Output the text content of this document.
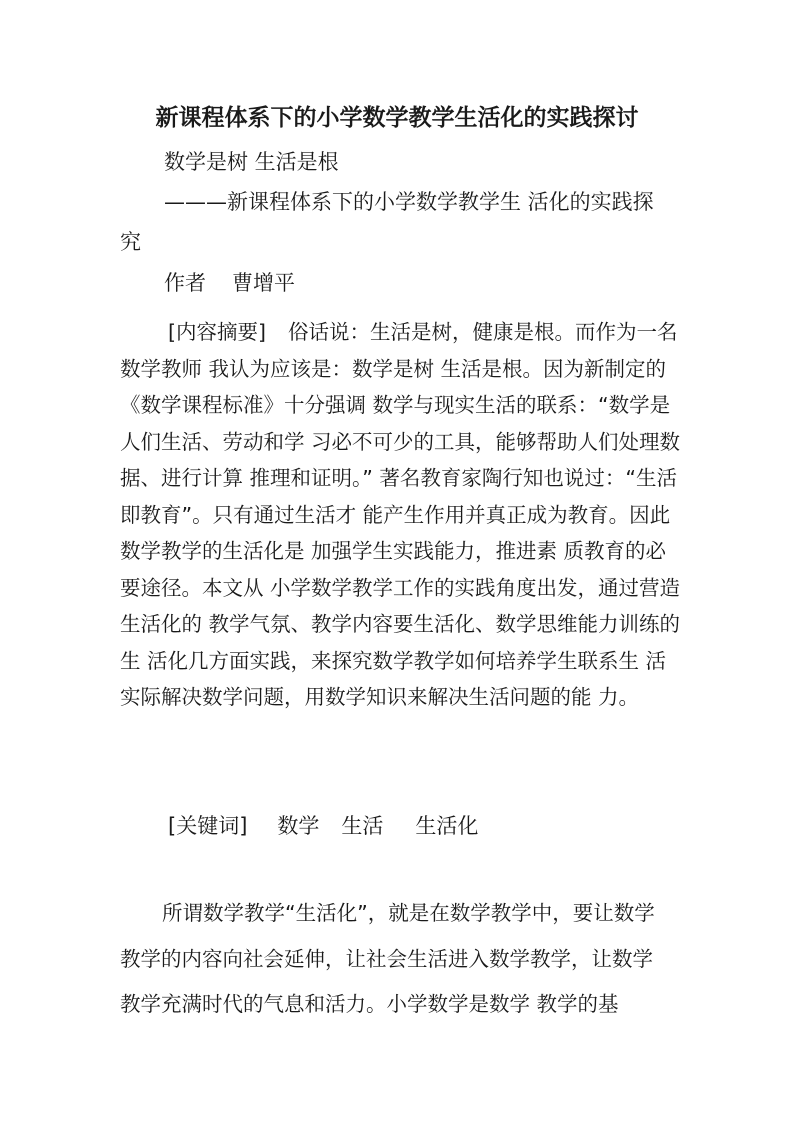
新课程体系下的小学数学教学生活化的实践探讨
数学是树 生活是根
———新课程体系下的小学数学教学生 活化的实践探
究
作者 曹增平

[内容摘要] 俗话说：生活是树，健康是根。而作为一名数学教师 我认为应该是：数学是树 生活是根。因为新制定的《数学课程标准》十分强调 数学与现实生活的联系：“数学是人们生活、劳动和学 习必不可少的工具，能够帮助人们处理数据、进行计算 推理和证明。” 著名教育家陶行知也说过：“生活即教育”。只有通过生活才 能产生作用并真正成为教育。因此数学教学的生活化是 加强学生实践能力，推进素 质教育的必要途径。本文从 小学数学教学工作的实践角度出发，通过营造生活化的 教学气氛、教学内容要生活化、数学思维能力训练的生 活化几方面实践，来探究数学教学如何培养学生联系生 活实际解决数学问题，用数学知识来解决生活问题的能 力。

[关键词] 数学 生活 生活化

所谓数学教学“生活化”，就是在数学教学中，要让数学教学的内容向社会延伸，让社会生活进入数学教学，让数学教学充满时代的气息和活力。小学数学是数学 教学的基
